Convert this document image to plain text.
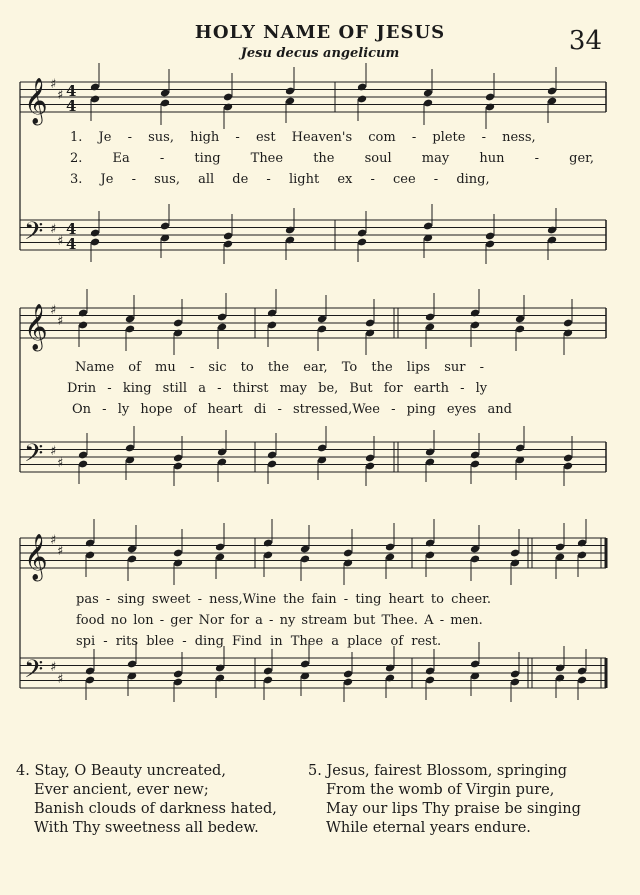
HOLY NAME OF JESUS
Jesu decus angelicum	34
𝄞 ♯
♯ 4
4
𝄢 ♯
♯
4
4
𝄞 ♯
♯
𝄢 ♯
♯
𝄞 ♯
♯
𝄢 ♯
♯
1. Je - sus, high - est Heaven's com - plete - ness,
2. Ea - ting Thee the soul may hun - ger,
3. Je - sus, all de - light ex - cee - ding,
Name of mu - sic to the ear, To the lips sur -
Drin - king still a - thirst may be, But for earth - ly
On - ly hope of heart di - stressed,Wee - ping eyes and
pas - sing sweet - ness,Wine the fain - ting heart to cheer.
food no lon - ger Nor for a - ny stream but Thee. A - men.
spi - rits blee - ding Find in Thee a place of rest.
4. Stay, O Beauty uncreated,
Ever ancient, ever new;
Banish clouds of darkness hated,
With Thy sweetness all bedew.
5. Jesus, fairest Blossom, springing
From the womb of Virgin pure,
May our lips Thy praise be singing
While eternal years endure.
